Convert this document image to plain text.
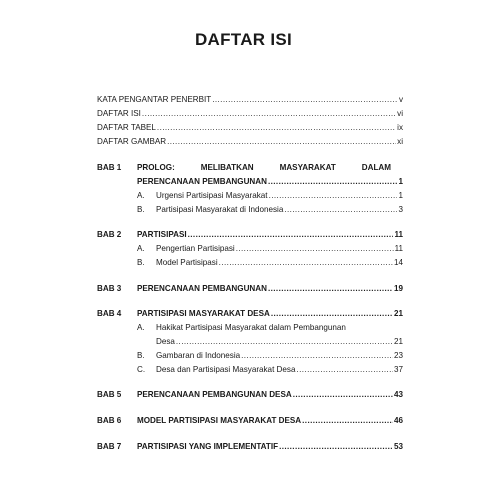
DAFTAR ISI
KATA PENGANTAR PENERBIT .....	v
DAFTAR ISI .....	vi
DAFTAR TABEL .....	ix
DAFTAR GAMBAR .....	xi
BAB 1 PROLOG:	MELIBATKAN	MASYARAKAT	DALAM
PERENCANAAN PEMBANGUNAN .....	1
A. Urgensi Partisipasi Masyarakat .....	1
B. Partisipasi Masyarakat di Indonesia .....	3
BAB 2 PARTISIPASI .....	11
A. Pengertian Partisipasi .....	11
B. Model Partisipasi .....	14
BAB 3 PERENCANAAN PEMBANGUNAN .....	19
BAB 4 PARTISIPASI MASYARAKAT DESA .....	21
A. Hakikat Partisipasi Masyarakat dalam Pembangunan
Desa .....	21
B. Gambaran di Indonesia .....	23
C. Desa dan Partisipasi Masyarakat Desa .....	37
BAB 5 PERENCANAAN PEMBANGUNAN DESA .....	43
BAB 6 MODEL PARTISIPASI MASYARAKAT DESA .....	46
BAB 7 PARTISIPASI YANG IMPLEMENTATIF .....	53
